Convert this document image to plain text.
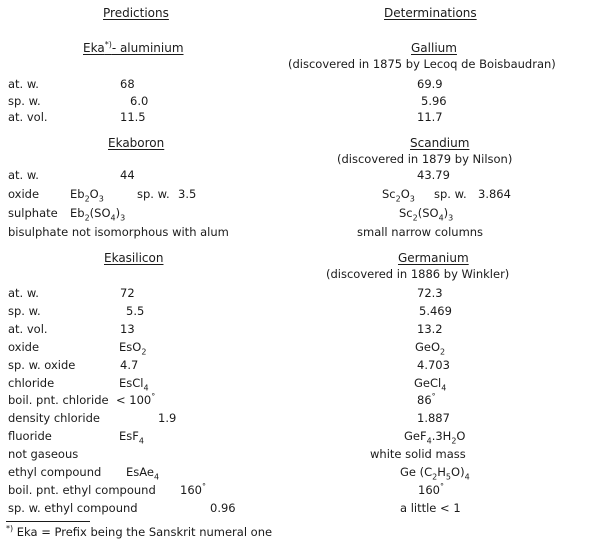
Predictions	Determinations
Eka*)- aluminium	Gallium
(discovered in 1875 by Lecoq de Boisbaudran)
at. w.	68	69.9
sp. w.	6.0	5.96
at. vol.	11.5	11.7
Ekaboron	Scandium
(discovered in 1879 by Nilson)
at. w.	44	43.79
oxide	$Eb_2O_3$	sp. w. 3.5	$Sc_2O_3$ sp. w. 3.864
sulphate $Eb_2(SO_4)_3$	$Sc_2(SO_4)_3$
bisulphate not isomorphous with alum	small narrow columns
Ekasilicon	Germanium
(discovered in 1886 by Winkler)
at. w.	72	72.3
sp. w.	5.5	5.469
at. vol.	13	13.2
oxide	EsO$_2$	GeO$_2$
sp. w. oxide	4.7	4.703
chloride	EsCl$_4$	GeCl$_4$
boil. pnt. chloride < 100°	86°
density chloride	1.9	1.887
fluoride	EsF$_4$	$GeF_4.3H_2O$
not gaseous	white solid mass
ethyl compound EsAe$_4$	Ge $(C_2H_5O)_4$
boil. pnt. ethyl compound 160°	160°
sp. w. ethyl compound	0.96	a little < 1
*) Eka = Prefix being the Sanskrit numeral one
